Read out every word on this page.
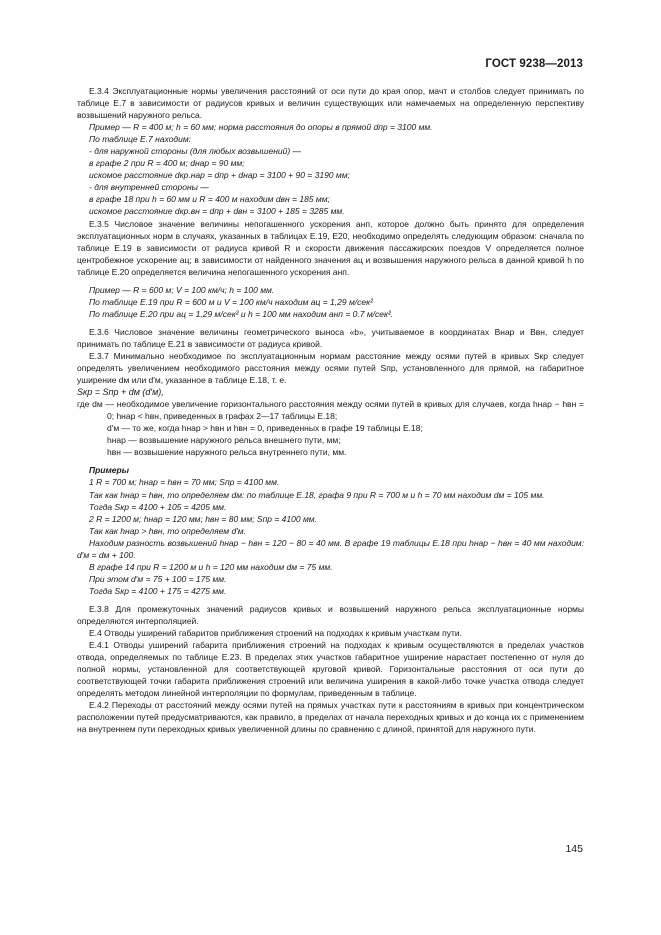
ГОСТ 9238—2013

Е.3.4 Эксплуатационные нормы увеличения расстояний от оси пути до края опор, мачт и столбов следует принимать по таблице Е.7 в зависимости от радиусов кривых и величин существующих или намечаемых на определенную перспективу возвышений наружного рельса.

Пример — R = 400 м; h = 60 мм; норма расстояния до опоры в прямой dпр = 3100 мм.

По таблице Е.7 находим:

- для наружной стороны (для любых возвышений) —

в графе 2 при R = 400 м; dнар = 90 мм;

искомое расстояние dкр.нар = dпр + dнар = 3100 + 90 = 3190 мм;

- для внутренней стороны —

в графе 18 при h = 60 мм и R = 400 м находим dвн = 185 мм;

искомое расстояние dкр.вн = dпр + dвн = 3100 + 185 = 3285 мм.

Е.3.5 Числовое значение величины непогашенного ускорения aнп, которое должно быть принято для определения эксплуатационных норм в случаях, указанных в таблицах Е.19, Е20, необходимо определять следующим образом: сначала по таблице Е.19 в зависимости от радиуса кривой R и скорости движения пассажирских поездов V определяется полное центробежное ускорение aц; в зависимости от найденного значения aц и возвышения наружного рельса в данной кривой h по таблице Е.20 определяется величина непогашенного ускорения aнп.

Пример — R = 600 м; V = 100 км/ч; h = 100 мм.

По таблице Е.19 при R = 600 м и V = 100 км/ч находим aц = 1,29 м/сек²

По таблице Е.20 при aц = 1,29 м/сек² и h = 100 мм находим aнп = 0.7 м/сек².

Е.3.6 Числовое значение величины геометрического выноса «b», учитываемое в координатах Bнар и Bвн, следует принимать по таблице Е.21 в зависимости от радиуса кривой.

Е.3.7 Минимально необходимое по эксплуатационным нормам расстояние между осями путей в кривых Sкр следует определять увеличением необходимого расстояния между осями путей Sпр, установленного для прямой, на габаритное уширение dм или d′м, указанное в таблице Е.18, т. е.

Sкр = Sпр + dм (d′м),

где dм — необходимое увеличение горизонтального расстояния между осями путей в кривых для случаев, когда hнар − hвн = 0; hнар < hвн, приведенных в графах 2—17 таблицы Е.18;

d′м — то же, когда hнар > hвн и hвн = 0, приведенных в графе 19 таблицы Е.18;

hнар — возвышение наружного рельса внешнего пути, мм;

hвн — возвышение наружного рельса внутреннего пути, мм.

Примеры

1 R = 700 м; hнар = hвн = 70 мм; Sпр = 4100 мм.

Так как hнар = hвн, то определяем dм: по таблице Е.18, графа 9 при R = 700 м и h = 70 мм находим dм = 105 мм.

Тогда Sкр = 4100 + 105 = 4205 мм.

2 R = 1200 м; hнар = 120 мм; hвн = 80 мм; Sпр = 4100 мм.

Так как hнар > hвн, то определяем d′м.

Находим разность возвышений hнар − hвн = 120 − 80 = 40 мм. В графе 19 таблицы Е.18 при hнар − hвн = 40 мм находим: d′м = dм + 100.

В графе 14 при R = 1200 м и h = 120 мм находим dм = 75 мм.

При этом d′м = 75 + 100 = 175 мм.

Тогда Sкр = 4100 + 175 = 4275 мм.

Е.3.8 Для промежуточных значений радиусов кривых и возвышений наружного рельса эксплуатационные нормы определяются интерполяцией.

Е.4 Отводы уширений габаритов приближения строений на подходах к кривым участкам пути.

Е.4.1 Отводы уширений габарита приближения строений на подходах к кривым осуществляются в пределах участков отвода, определяемых по таблице Е.23. В пределах этих участков габаритное уширение нарастает постепенно от нуля до полной нормы, установленной для соответствующей круговой кривой. Горизонтальные расстояния от оси пути до соответствующей точки габарита приближения строений или величина уширения в какой-либо точке участка отвода следует определять методом линейной интерполяции по формулам, приведенным в таблице.

Е.4.2 Переходы от расстояний между осями путей на прямых участках пути к расстояниям в кривых при концентрическом расположении путей предусматриваются, как правило, в пределах от начала переходных кривых и до конца их с применением на внутреннем пути переходных кривых увеличенной длины по сравнению с длиной, принятой для наружного пути.

145
